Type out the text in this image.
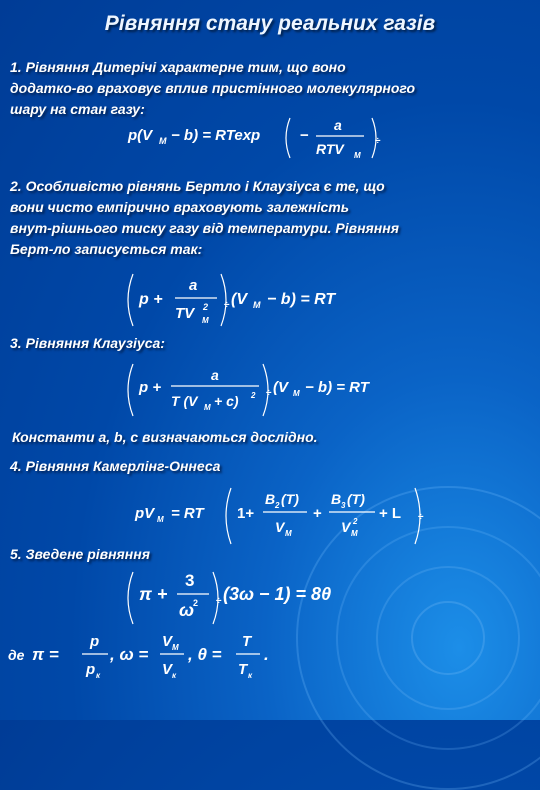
Рівняння стану реальних газів
1. Рівняння Дитерічі характерне тим, що воно
додатко-во враховує вплив пристінного молекулярного
шару на стан газу:
p(V M − b) = RTexp	−
a
RTV M
÷
2. Особливістю рівнянь Бертло і Клаузіуса є те, що
вони чисто емпірично враховують залежність
внут-рішнього тиску газу від температури. Рівняння
Берт-ло записується так:
p +
a
TV 2
M
÷ (V M − b) = RT
3. Рівняння Клаузіуса:
p +
a
T (V M + c) 2 ÷ (V M − b) = RT
Константи a, b, c визначаються дослідно.
4. Рівняння Камерлінг-Оннеса
pV M = RT 1+
B 2 (T)
V M
+
B 3 (T)
V 2
M
+ L ÷
5. Зведене рівняння
π +
3
ω
2 ÷ (3ω − 1) = 8θ
де π =
p
p к
, ω =
V M
V к
, θ =
T
T к
.
